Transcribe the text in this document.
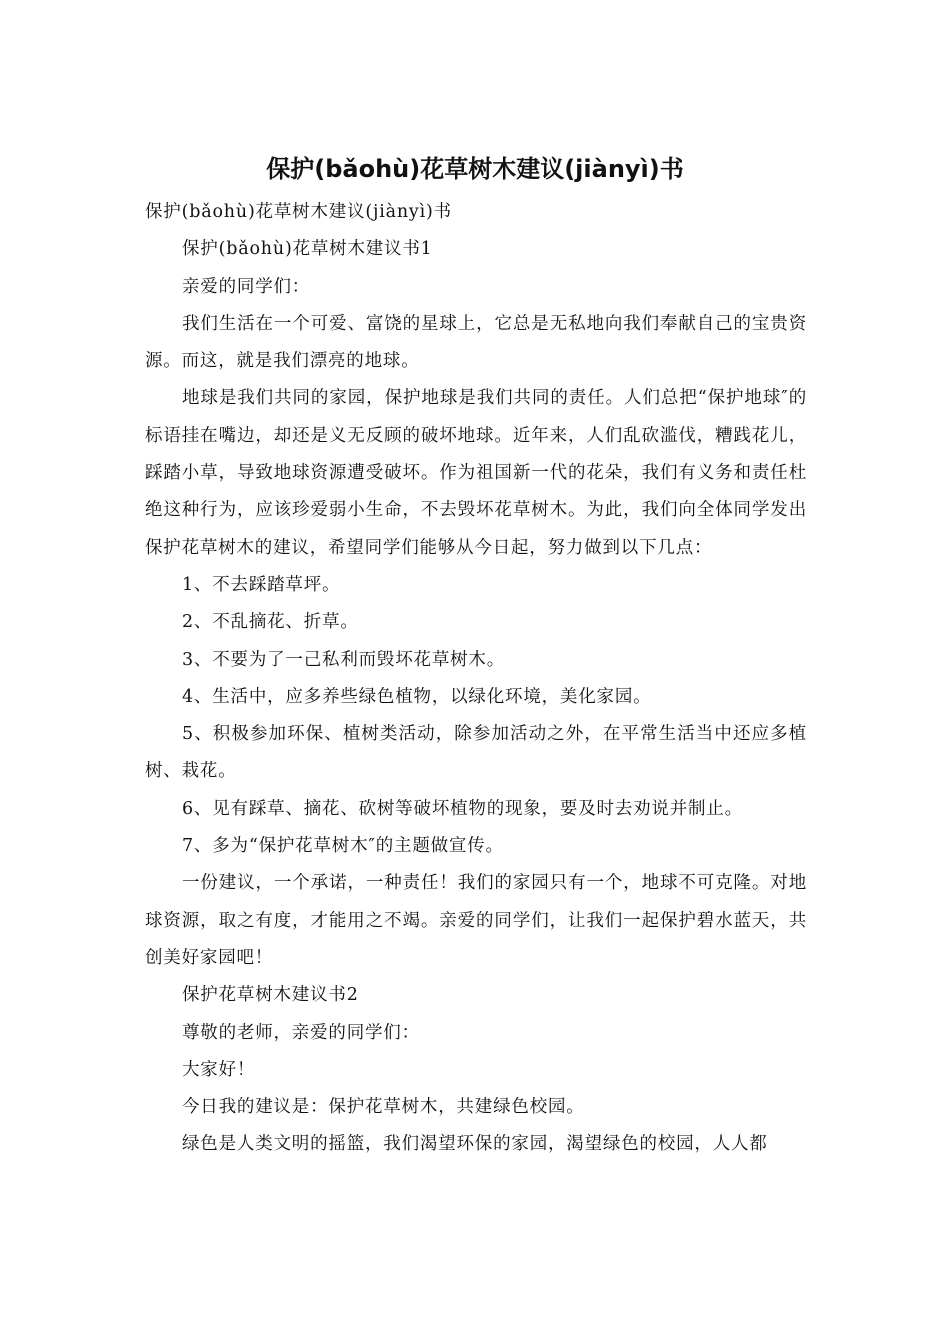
保护(bǎohù)花草树木建议(jiànyì)书

保护(bǎohù)花草树木建议(jiànyì)书

保护(bǎohù)花草树木建议书1

亲爱的同学们：

我们生活在一个可爱、富饶的星球上，它总是无私地向我们奉献自己的宝贵资源。而这，就是我们漂亮的地球。

地球是我们共同的家园，保护地球是我们共同的责任。人们总把“保护地球″的标语挂在嘴边，却还是义无反顾的破坏地球。近年来，人们乱砍滥伐，糟践花儿，踩踏小草，导致地球资源遭受破坏。作为祖国新一代的花朵，我们有义务和责任杜绝这种行为，应该珍爱弱小生命，不去毁坏花草树木。为此，我们向全体同学发出保护花草树木的建议，希望同学们能够从今日起，努力做到以下几点：

1、不去踩踏草坪。

2、不乱摘花、折草。

3、不要为了一己私利而毁坏花草树木。

4、生活中，应多养些绿色植物，以绿化环境，美化家园。

5、积极参加环保、植树类活动，除参加活动之外，在平常生活当中还应多植树、栽花。

6、见有踩草、摘花、砍树等破坏植物的现象，要及时去劝说并制止。

7、多为“保护花草树木″的主题做宣传。

一份建议，一个承诺，一种责任！我们的家园只有一个，地球不可克隆。对地球资源，取之有度，才能用之不竭。亲爱的同学们，让我们一起保护碧水蓝天，共创美好家园吧！

保护花草树木建议书2

尊敬的老师，亲爱的同学们：

大家好！

今日我的建议是：保护花草树木，共建绿色校园。

绿色是人类文明的摇篮，我们渴望环保的家园，渴望绿色的校园，人人都
